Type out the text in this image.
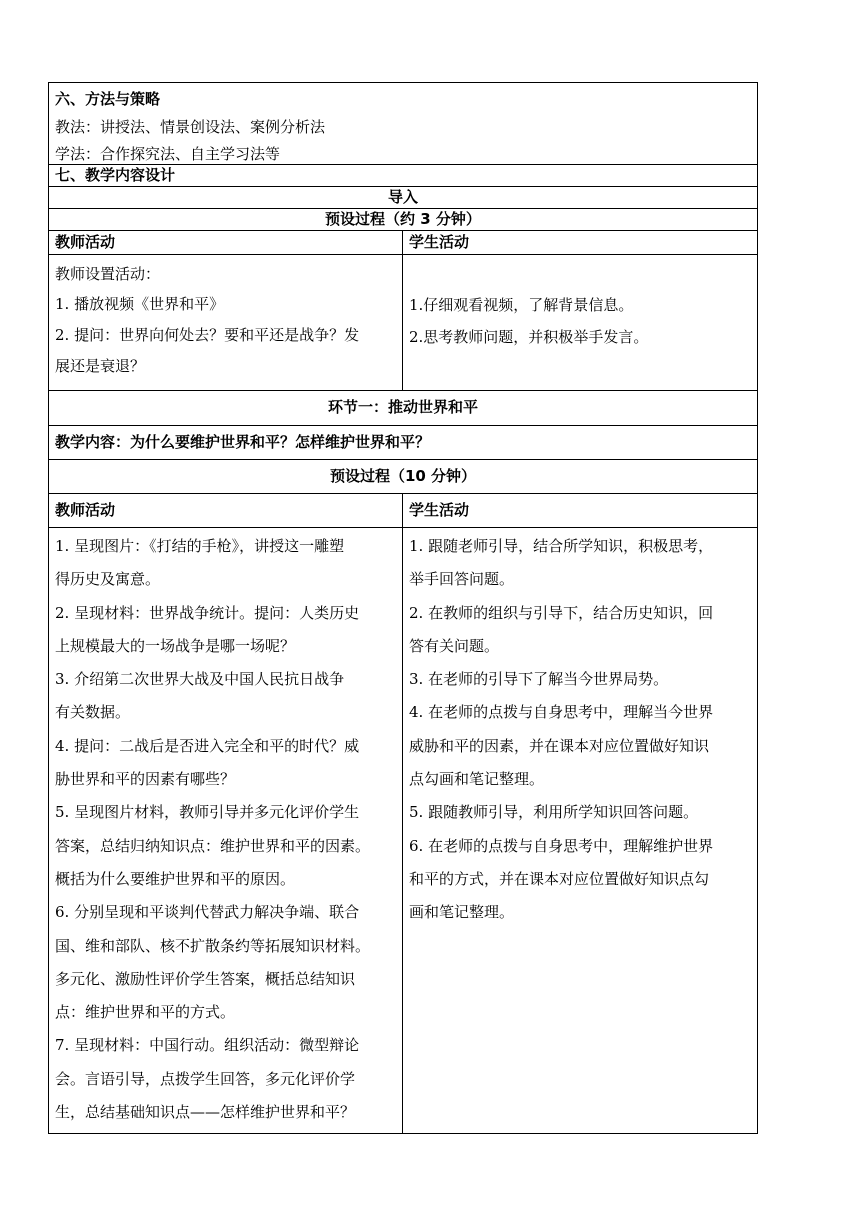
六、方法与策略
教法：讲授法、情景创设法、案例分析法
学法：合作探究法、自主学习法等
七、教学内容设计
导入
预设过程（约 3 分钟）
教师活动	学生活动
教师设置活动：
1. 播放视频《世界和平》
2. 提问：世界向何处去？要和平还是战争？发
展还是衰退？
1.仔细观看视频，了解背景信息。
2.思考教师问题，并积极举手发言。
环节一：推动世界和平
教学内容：为什么要维护世界和平？怎样维护世界和平？
预设过程（10 分钟）
教师活动	学生活动
1. 呈现图片：《打结的手枪》，讲授这一雕塑
得历史及寓意。
2. 呈现材料：世界战争统计。提问：人类历史
上规模最大的一场战争是哪一场呢？
3. 介绍第二次世界大战及中国人民抗日战争
有关数据。
4. 提问：二战后是否进入完全和平的时代？威
胁世界和平的因素有哪些？
5. 呈现图片材料，教师引导并多元化评价学生
答案，总结归纳知识点：维护世界和平的因素。
概括为什么要维护世界和平的原因。
6. 分别呈现和平谈判代替武力解决争端、联合
国、维和部队、核不扩散条约等拓展知识材料。
多元化、激励性评价学生答案，概括总结知识
点：维护世界和平的方式。
7. 呈现材料：中国行动。组织活动：微型辩论
会。言语引导，点拨学生回答，多元化评价学
生，总结基础知识点——怎样维护世界和平？
1. 跟随老师引导，结合所学知识，积极思考，
举手回答问题。
2. 在教师的组织与引导下，结合历史知识，回
答有关问题。
3. 在老师的引导下了解当今世界局势。
4. 在老师的点拨与自身思考中，理解当今世界
威胁和平的因素，并在课本对应位置做好知识
点勾画和笔记整理。
5. 跟随教师引导，利用所学知识回答问题。
6. 在老师的点拨与自身思考中，理解维护世界
和平的方式，并在课本对应位置做好知识点勾
画和笔记整理。
